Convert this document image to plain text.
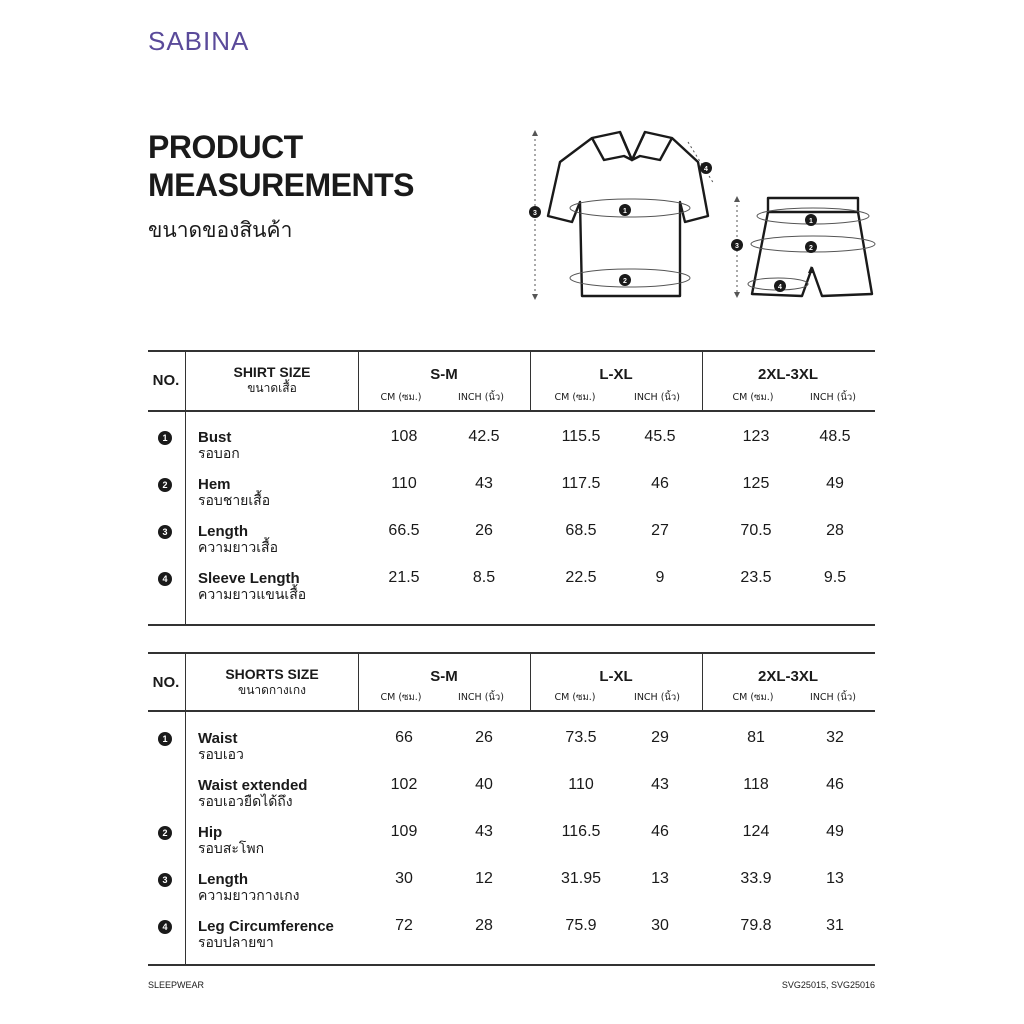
SABINA
PRODUCT
MEASUREMENTS
ขนาดของสินค้า
1
2
3
4
1
2
3
4
NO.	SHIRT SIZE
ขนาดเสื้อ
S-M	L-XL	2XL-3XL
CM (ซม.)	INCH (นิ้ว)	CM (ซม.)	INCH (นิ้ว)	CM (ซม.)	INCH (นิ้ว)
1	Bust
รอบอก
108	42.5	115.5	45.5	123	48.5
2	Hem
รอบชายเสื้อ
110	43	117.5	46	125	49
3	Length
ความยาวเสื้อ
66.5	26	68.5	27	70.5	28
4	Sleeve Length
ความยาวแขนเสื้อ
21.5	8.5	22.5	9	23.5	9.5
NO.	SHORTS SIZE
ขนาดกางเกง
S-M	L-XL	2XL-3XL
CM (ซม.)	INCH (นิ้ว)	CM (ซม.)	INCH (นิ้ว)	CM (ซม.)	INCH (นิ้ว)
1	Waist
รอบเอว
66	26	73.5	29	81	32
Waist extended
รอบเอวยืดได้ถึง
102	40	110	43	118	46
2	Hip
รอบสะโพก
109	43	116.5	46	124	49
3	Length
ความยาวกางเกง
30	12	31.95	13	33.9	13
4	Leg Circumference
รอบปลายขา
72	28	75.9	30	79.8	31
SLEEPWEAR	SVG25015, SVG25016
